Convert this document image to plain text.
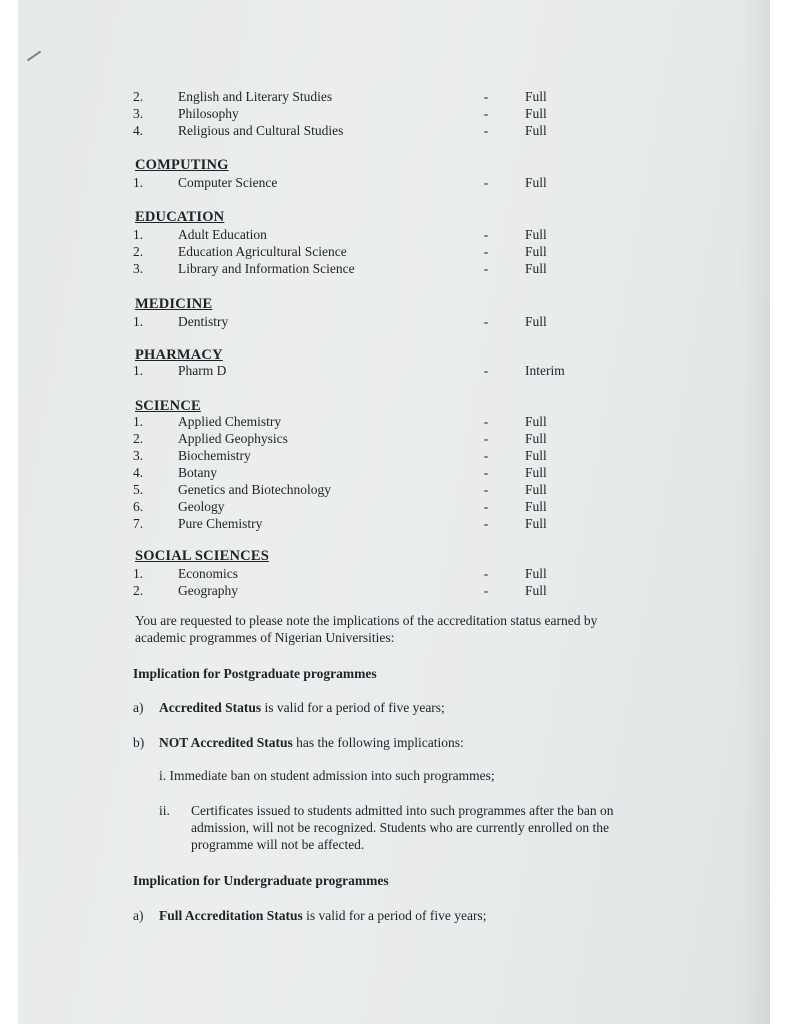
2.	English and Literary Studies	-	Full
3.	Philosophy	-	Full
4.	Religious and Cultural Studies	-	Full
COMPUTING
1.	Computer Science	-	Full
EDUCATION
1.	Adult Education	-	Full
2.	Education Agricultural Science	-	Full
3.	Library and Information Science	-	Full
MEDICINE
1.	Dentistry	-	Full
PHARMACY
1.	Pharm D	-	Interim
SCIENCE
1.	Applied Chemistry	-	Full
2.	Applied Geophysics	-	Full
3.	Biochemistry	-	Full
4.	Botany	-	Full
5.	Genetics and Biotechnology	-	Full
6.	Geology	-	Full
7.	Pure Chemistry	-	Full
SOCIAL SCIENCES
1.	Economics	-	Full
2.	Geography	-	Full
You are requested to please note the implications of the accreditation status earned by
academic programmes of Nigerian Universities:
Implication for Postgraduate programmes
a) Accredited Status is valid for a period of five years;
b) NOT Accredited Status has the following implications:
i. Immediate ban on student admission into such programmes;
ii. Certificates issued to students admitted into such programmes after the ban on
admission, will not be recognized. Students who are currently enrolled on the
programme will not be affected.
Implication for Undergraduate programmes
a) Full Accreditation Status is valid for a period of five years;
